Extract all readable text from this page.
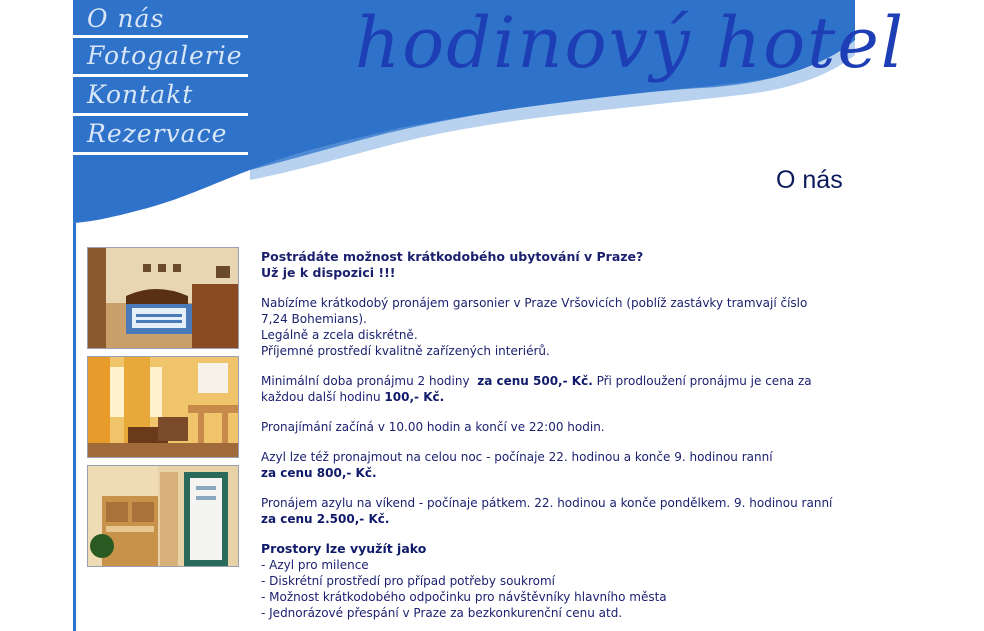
O nás
Fotogalerie
Kontakt
Rezervace
hodinový hotel
O nás

Postrádáte možnost krátkodobého ubytování v Praze?
Už je k dispozici !!!

Nabízíme krátkodobý pronájem garsonier v Praze Vršovicích (poblíž zastávky tramvají číslo 7,24 Bohemians).
Legálně a zcela diskrétně.
Příjemné prostředí kvalitně zařízených interiérů.

Minimální doba pronájmu 2 hodiny za cenu 500,- Kč. Při prodloužení pronájmu je cena za každou další hodinu 100,- Kč.

Pronajímání začíná v 10.00 hodin a končí ve 22:00 hodin.

Azyl lze též pronajmout na celou noc - počínaje 22. hodinou a konče 9. hodinou ranní
za cenu 800,- Kč.

Pronájem azylu na víkend - počínaje pátkem. 22. hodinou a konče pondělkem. 9. hodinou ranní
za cenu 2.500,- Kč.

Prostory lze využít jako
- Azyl pro milence
- Diskrétní prostředí pro případ potřeby soukromí
- Možnost krátkodobého odpočinku pro návštěvníky hlavního města
- Jednorázové přespání v Praze za bezkonkurenční cenu atd.
